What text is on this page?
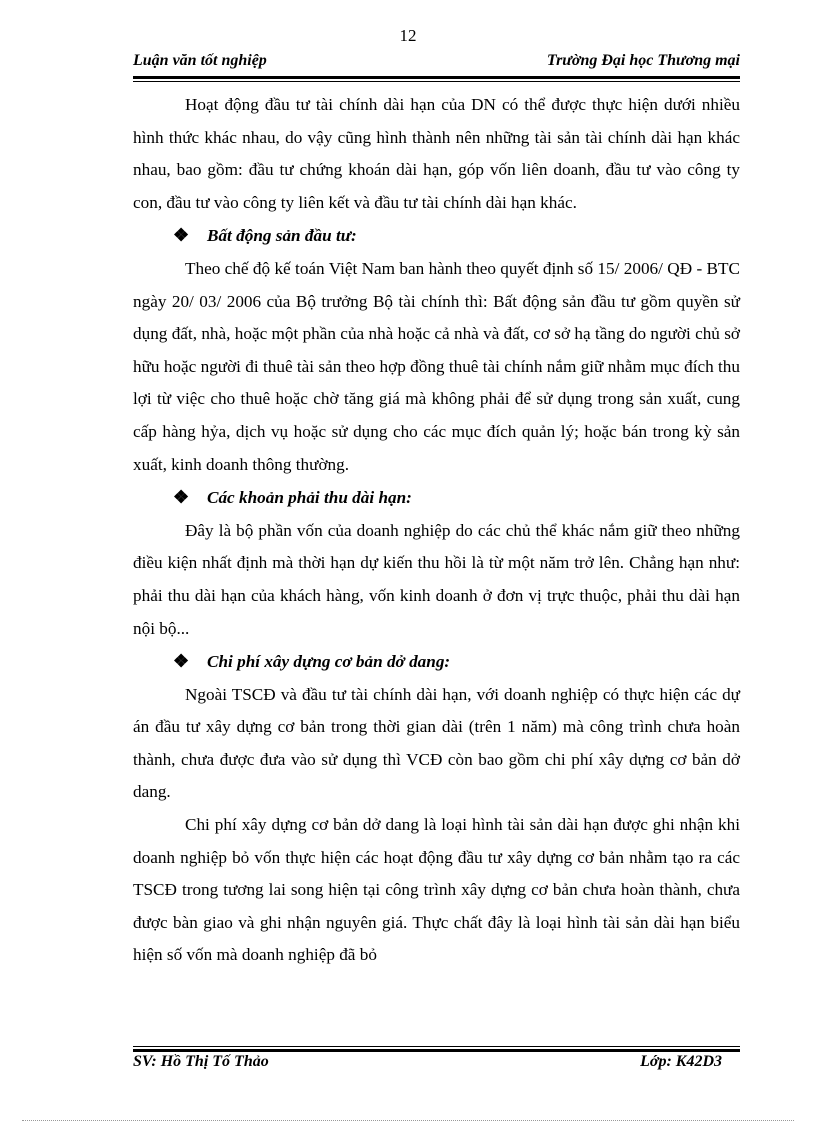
12
Luận văn tốt nghiệp	Trường Đại học Thương mại

Hoạt động đầu tư tài chính dài hạn của DN có thể được thực hiện dưới nhiều hình thức khác nhau, do vậy cũng hình thành nên những tài sản tài chính dài hạn khác nhau, bao gồm: đầu tư chứng khoán dài hạn, góp vốn liên doanh, đầu tư vào công ty con, đầu tư vào công ty liên kết và đầu tư tài chính dài hạn khác.

❖ Bất động sản đầu tư:

Theo chế độ kế toán Việt Nam ban hành theo quyết định số 15/ 2006/ QĐ - BTC ngày 20/ 03/ 2006 của Bộ trưởng Bộ tài chính thì: Bất động sản đầu tư gồm quyền sử dụng đất, nhà, hoặc một phần của nhà hoặc cả nhà và đất, cơ sở hạ tầng do người chủ sở hữu hoặc người đi thuê tài sản theo hợp đồng thuê tài chính nắm giữ nhằm mục đích thu lợi từ việc cho thuê hoặc chờ tăng giá mà không phải để sử dụng trong sản xuất, cung cấp hàng hỷa, dịch vụ hoặc sử dụng cho các mục đích quản lý; hoặc bán trong kỳ sản xuất, kinh doanh thông thường.

❖ Các khoản phải thu dài hạn:

Đây là bộ phần vốn của doanh nghiệp do các chủ thể khác nắm giữ theo những điều kiện nhất định mà thời hạn dự kiến thu hồi là từ một năm trở lên. Chẳng hạn như: phải thu dài hạn của khách hàng, vốn kinh doanh ở đơn vị trực thuộc, phải thu dài hạn nội bộ...

❖ Chi phí xây dựng cơ bản dở dang:

Ngoài TSCĐ và đầu tư tài chính dài hạn, với doanh nghiệp có thực hiện các dự án đầu tư xây dựng cơ bản trong thời gian dài (trên 1 năm) mà công trình chưa hoàn thành, chưa được đưa vào sử dụng thì VCĐ còn bao gồm chi phí xây dựng cơ bản dở dang.

Chi phí xây dựng cơ bản dở dang là loại hình tài sản dài hạn được ghi nhận khi doanh nghiệp bỏ vốn thực hiện các hoạt động đầu tư xây dựng cơ bản nhằm tạo ra các TSCĐ trong tương lai song hiện tại công trình xây dựng cơ bản chưa hoàn thành, chưa được bàn giao và ghi nhận nguyên giá. Thực chất đây là loại hình tài sản dài hạn biểu hiện số vốn mà doanh nghiệp đã bỏ

SV: Hồ Thị Tố Thảo	Lớp: K42D3
